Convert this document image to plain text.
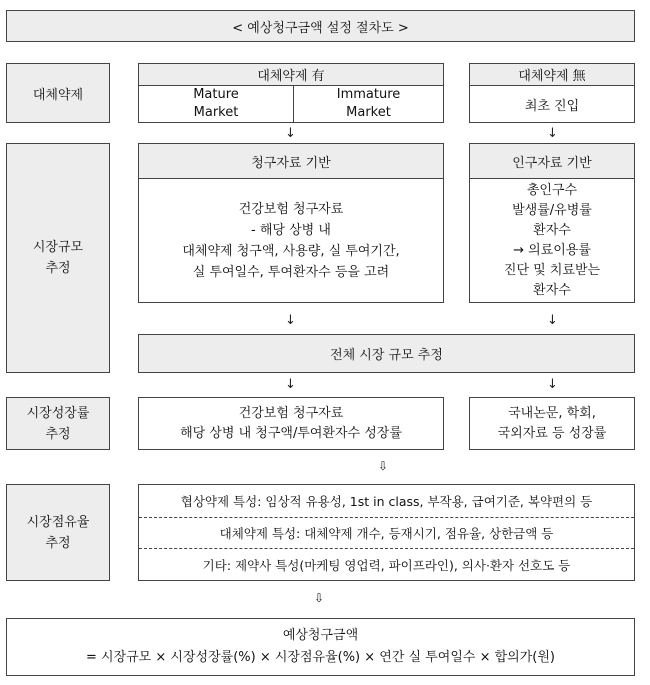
< 예상청구금액 설정 절차도 >
대체약제
시장규모
추정
시장성장률
추정
시장점유율
추정
대체약제 有
Mature
Market
Immature
Market
대체약제 無
최초 진입
↓	↓
청구자료 기반
건강보험 청구자료
- 해당 상병 내
대체약제 청구액, 사용량, 실 투여기간,
실 투여일수, 투여환자수 등을 고려
인구자료 기반
총인구수
발생률/유병률
환자수
→ 의료이용률
진단 및 치료받는
환자수
↓	↓
전체 시장 규모 추정
↓	↓
건강보험 청구자료
해당 상병 내 청구액/투여환자수 성장률
국내논문, 학회,
국외자료 등 성장률
⇩
협상약제 특성: 임상적 유용성, 1st in class, 부작용, 급여기준, 복약편의 등
대체약제 특성: 대체약제 개수, 등재시기, 점유율, 상한금액 등
기타: 제약사 특성(마케팅 영업력, 파이프라인), 의사·환자 선호도 등
⇩
예상청구금액
= 시장규모 × 시장성장률(%) × 시장점유율(%) × 연간 실 투여일수 × 합의가(원)
